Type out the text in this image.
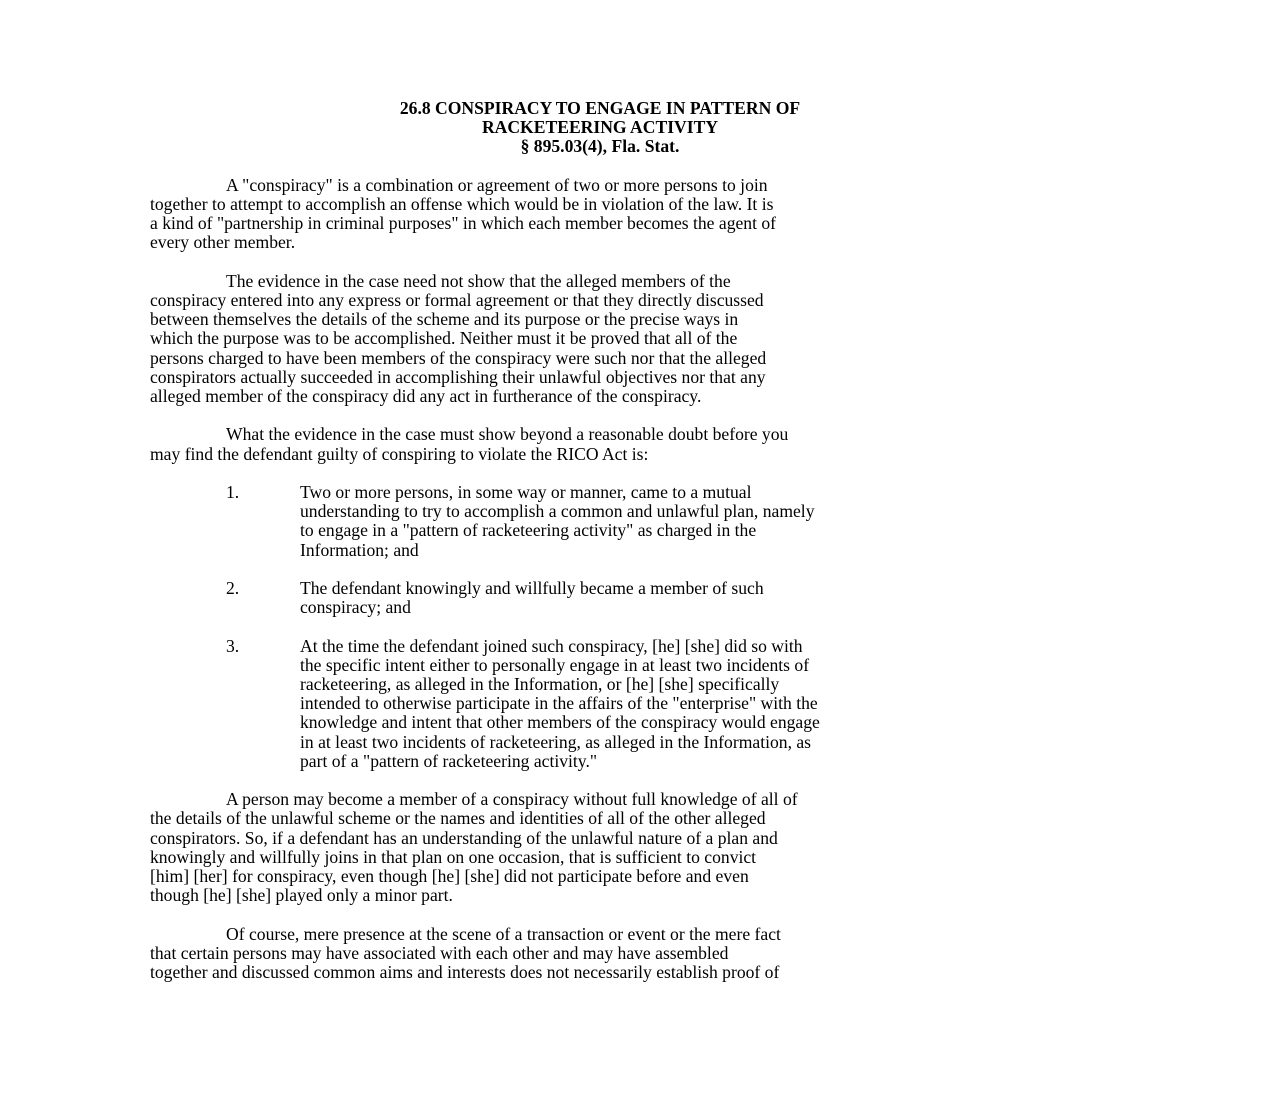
26.8 CONSPIRACY TO ENGAGE IN PATTERN OF
RACKETEERING ACTIVITY
§ 895.03(4), Fla. Stat.

A "conspiracy" is a combination or agreement of two or more persons to join
together to attempt to accomplish an offense which would be in violation of the law. It is
a kind of "partnership in criminal purposes" in which each member becomes the agent of
every other member.

The evidence in the case need not show that the alleged members of the
conspiracy entered into any express or formal agreement or that they directly discussed
between themselves the details of the scheme and its purpose or the precise ways in
which the purpose was to be accomplished. Neither must it be proved that all of the
persons charged to have been members of the conspiracy were such nor that the alleged
conspirators actually succeeded in accomplishing their unlawful objectives nor that any
alleged member of the conspiracy did any act in furtherance of the conspiracy.

What the evidence in the case must show beyond a reasonable doubt before you
may find the defendant guilty of conspiring to violate the RICO Act is:

1.	Two or more persons, in some way or manner, came to a mutual
understanding to try to accomplish a common and unlawful plan, namely
to engage in a "pattern of racketeering activity" as charged in the
Information; and
2.	The defendant knowingly and willfully became a member of such
conspiracy; and
3.	At the time the defendant joined such conspiracy, [he] [she] did so with
the specific intent either to personally engage in at least two incidents of
racketeering, as alleged in the Information, or [he] [she] specifically
intended to otherwise participate in the affairs of the "enterprise" with the
knowledge and intent that other members of the conspiracy would engage
in at least two incidents of racketeering, as alleged in the Information, as
part of a "pattern of racketeering activity."

A person may become a member of a conspiracy without full knowledge of all of
the details of the unlawful scheme or the names and identities of all of the other alleged
conspirators. So, if a defendant has an understanding of the unlawful nature of a plan and
knowingly and willfully joins in that plan on one occasion, that is sufficient to convict
[him] [her] for conspiracy, even though [he] [she] did not participate before and even
though [he] [she] played only a minor part.

Of course, mere presence at the scene of a transaction or event or the mere fact
that certain persons may have associated with each other and may have assembled
together and discussed common aims and interests does not necessarily establish proof of
